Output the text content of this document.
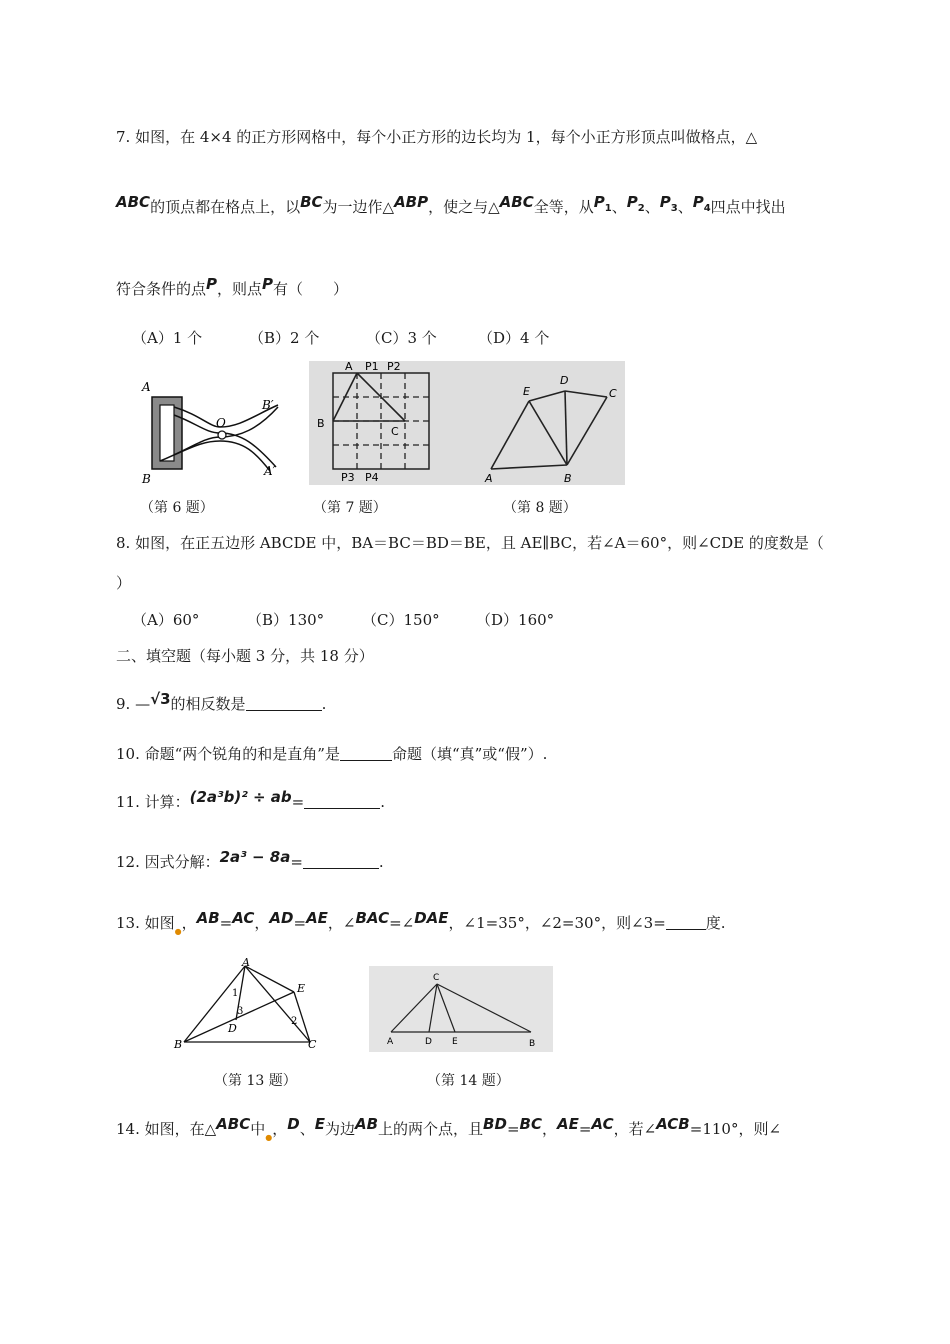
7. 如图，在 4×4 的正方形网格中，每个小正方形的边长均为 1，每个小正方形顶点叫做格点，△
ABC的顶点都在格点上，以BC为一边作△ABP，使之与△ABC全等，从$P_1$、$P_2$、$P_3$、$P_4$四点中找出
符合条件的点P，则点P有（　　）
（A）1 个	（B）2 个	（C）3 个	（D）4 个
A
B
O
B′
A′
（第 6 题）
A P1 P2
B
C
P3 P4
E
D
C
A	B
（第 7 题）	（第 8 题）
8. 如图，在正五边形 ABCDE 中，BA＝BC＝BD＝BE，且 AE∥BC，若∠A＝60°，则∠CDE 的度数是（
）
（A）60°	（B）130°	（C）150° （D）160°
二、填空题（每小题 3 分，共 18 分）
9. —√3的相反数是	.
10. 命题“两个锐角的和是直角”是	命题（填“真”或“假”）.
11. 计算：(2a³b)² ÷ ab=	.
12. 因式分解：2a³ − 8a=	.
13. 如图$_●$，AB=AC，AD=AE，∠BAC=∠DAE，∠1=35°，∠2=30°，则∠3=	度.
A
1
3
D
E
2
B	C
（第 13 题）
C
A	D E	B
（第 14 题）
14. 如图，在△ABC中$_●$，D、E为边AB上的两个点，且BD=BC，AE=AC，若∠ACB=110°，则∠
